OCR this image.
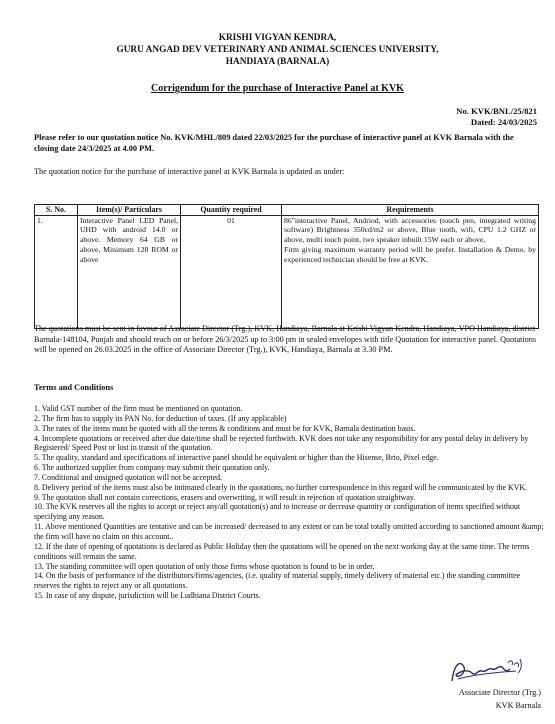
KRISHI VIGYAN KENDRA,
GURU ANGAD DEV VETERINARY AND ANIMAL SCIENCES UNIVERSITY,
HANDIAYA (BARNALA)
Corrigendum for the purchase of Interactive Panel at KVK
No. KVK/BNL/25/821
Dated: 24/03/2025
Please refer to our quotation notice No. KVK/MHL/809 dated 22/03/2025 for the purchase of interactive panel at KVK Barnala with the closing date 24/3/2025 at 4.00 PM.
The quotation notice for the purchase of interactive panel at KVK Barnala is updated as under:
S. No.	Item(s)/ Particulars	Quantity required	Requirements
1.	Interactive Panel LED Panel, UHD with android 14.0 or above. Memory 64 GB or above, Minimum 128 ROM or above	01	86"interactive Panel, Andriod, with accessories (touch pen, integrated writing software) Brightness 350cd/m2 or above, Blue tooth, wifi, CPU 1.2 GHZ or above, multi touch point, two speaker inbuilt 15W each or above,
Firm giving maximum warranty period will be prefer. Installation & Demo. by experienced technician should be free at KVK.
The quotations must be sent in favour of Associate Director (Trg.), KVK, Handiaya, Barnala at Krishi Vigyan Kendra, Handiaya, VPO Handiaya, district Barnala-148104, Punjab and should reach on or before 26/3/2025 up to 3:00 pm in sealed envelopes with title Quotation for interactive panel. Quotations will be opened on 26.03.2025 in the office of Associate Director (Trg.), KVK, Handiaya, Barnala at 3.30 PM.
Terms and Conditions
1. Valid GST number of the firm must be mentioned on quotation.
2. The firm has to supply its PAN No. for deduction of taxes. (If any applicable)
3. The rates of the items must be quoted with all the terms & conditions and must be for KVK, Barnala destination basis.
4. Incomplete quotations or received after due date/time shall be rejected forthwith. KVK does not take any responsibility for any postal delay in delivery by Registered/ Speed Post or lost in transit of the quotation.
5. The quality, standard and specifications of interactive panel should be equivalent or higher than the Hisense, Brio, Pixel edge.
6. The authorized supplier from company may submit their quotation only.
7. Conditional and unsigned quotation will not be accepted.
8. Delivery period of the items must also be intimated clearly in the quotations, no further correspondence in this regard will be communicated by the KVK.
9. The quotation shall not contain corrections, erasers and overwriting, it will result in rejection of quotation straightway.
10. The KVK reserves all the rights to accept or reject any/all quotation(s) and to increase or decrease quantity or configuration of items specified without specifying any reason.
11. Above mentioned Quantities are tentative and can be increased/ decreased to any extent or can be total totally omitted according to sanctioned amount &amp; the firm will have no claim on this account..
12. If the date of opening of quotations is declared as Public Holiday then the quotations will be opened on the next working day at the same time. The terms conditions will remain the same.
13. The standing committee will open quotation of only those firms whose quotation is found to be in order.
14. On the basis of performance of the distributors/firms/agencies, (i.e. quality of material supply, timely delivery of material etc.) the standing committee reserves the rights to reject any or all quotations.
15. In case of any dispute, jurisdiction will be Ludhiana District Courts.
Associate Director (Trg.)
KVK Barnala
